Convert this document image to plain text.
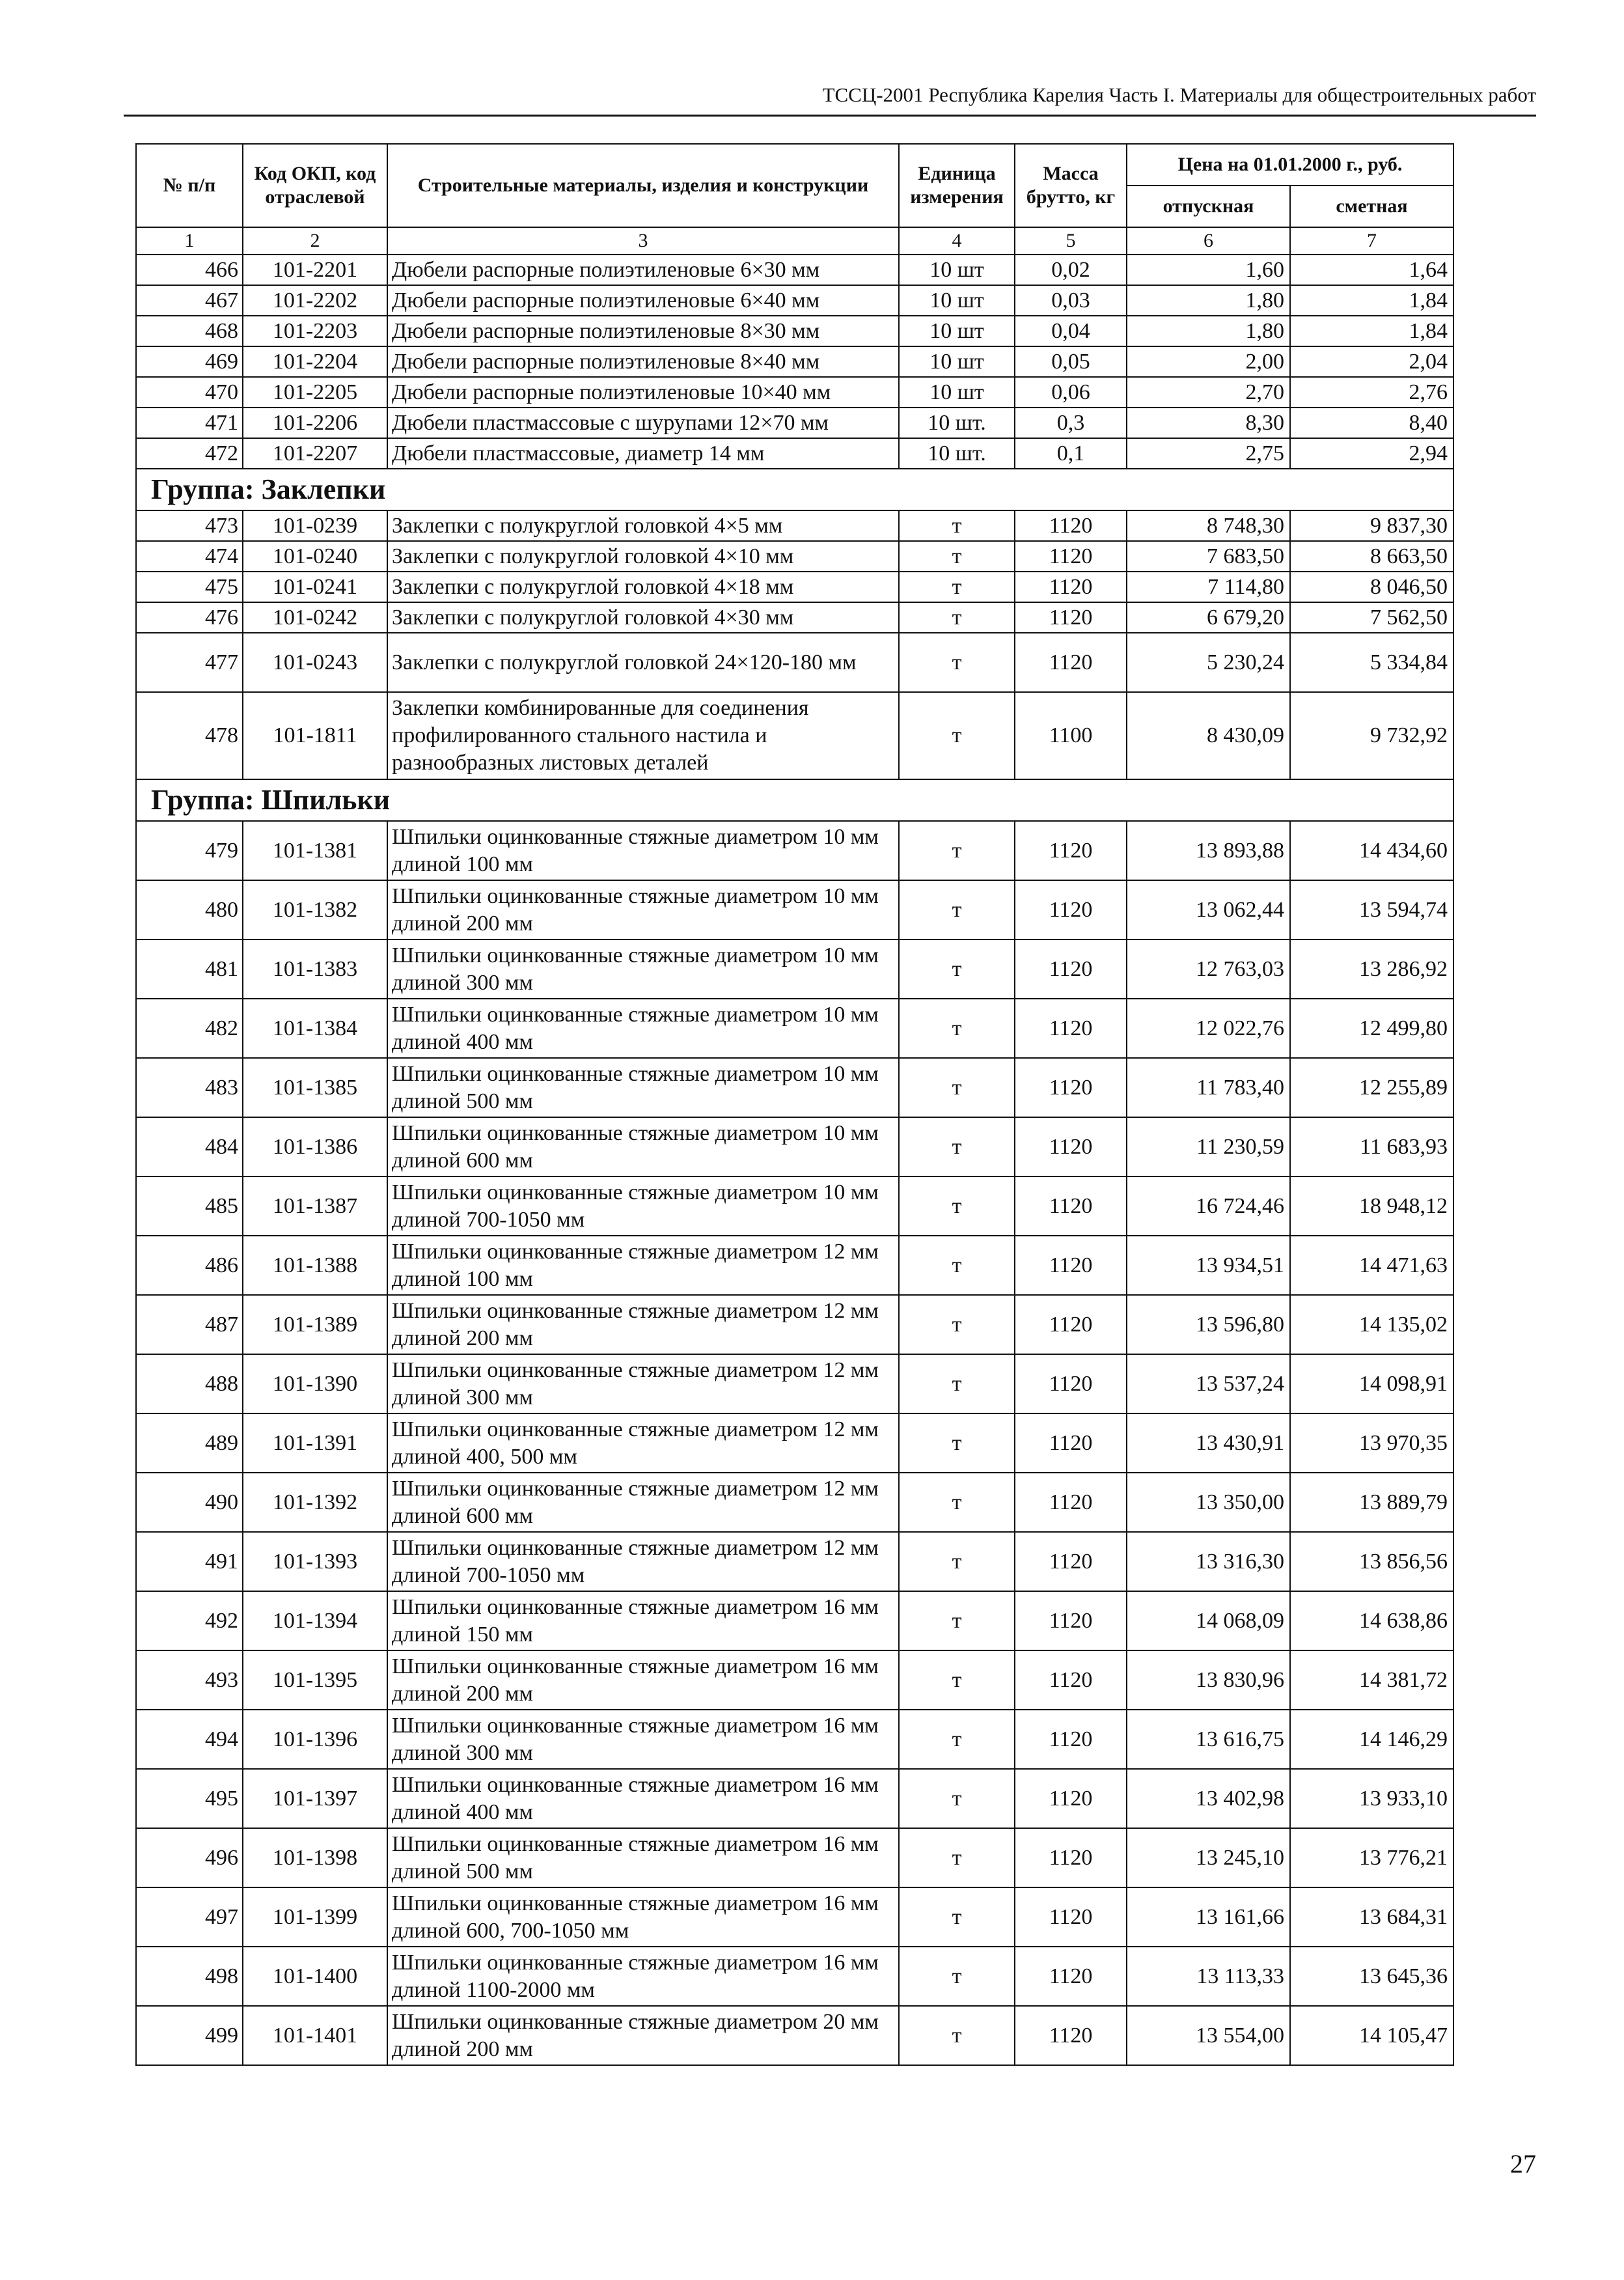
ТССЦ-2001 Республика Карелия Часть I. Материалы для общестроительных работ
№ п/п	Код ОКП, код отраслевой	Строительные материалы, изделия и конструкции	Единица измерения	Масса брутто, кг	Цена на 01.01.2000 г., руб.	
					отпускная	сметная
1	2	3	4	5	6	7
466	101-2201	Дюбели распорные полиэтиленовые 6×30 мм	10 шт	0,02	1,60	1,64
467	101-2202	Дюбели распорные полиэтиленовые 6×40 мм	10 шт	0,03	1,80	1,84
468	101-2203	Дюбели распорные полиэтиленовые 8×30 мм	10 шт	0,04	1,80	1,84
469	101-2204	Дюбели распорные полиэтиленовые 8×40 мм	10 шт	0,05	2,00	2,04
470	101-2205	Дюбели распорные полиэтиленовые 10×40 мм	10 шт	0,06	2,70	2,76
471	101-2206	Дюбели пластмассовые с шурупами 12×70 мм	10 шт.	0,3	8,30	8,40
472	101-2207	Дюбели пластмассовые, диаметр 14 мм	10 шт.	0,1	2,75	2,94
Группа: Заклепки						
473	101-0239	Заклепки с полукруглой головкой 4×5 мм	т	1120	8 748,30	9 837,30
474	101-0240	Заклепки с полукруглой головкой 4×10 мм	т	1120	7 683,50	8 663,50
475	101-0241	Заклепки с полукруглой головкой 4×18 мм	т	1120	7 114,80	8 046,50
476	101-0242	Заклепки с полукруглой головкой 4×30 мм	т	1120	6 679,20	7 562,50
477	101-0243	Заклепки с полукруглой головкой 24×120-180 мм	т	1120	5 230,24	5 334,84
478	101-1811	Заклепки комбинированные для соединения профилированного стального настила и разнообразных листовых деталей	т	1100	8 430,09	9 732,92
Группа: Шпильки						
479	101-1381	Шпильки оцинкованные стяжные диаметром 10 мм длиной 100 мм	т	1120	13 893,88	14 434,60
480	101-1382	Шпильки оцинкованные стяжные диаметром 10 мм длиной 200 мм	т	1120	13 062,44	13 594,74
481	101-1383	Шпильки оцинкованные стяжные диаметром 10 мм длиной 300 мм	т	1120	12 763,03	13 286,92
482	101-1384	Шпильки оцинкованные стяжные диаметром 10 мм длиной 400 мм	т	1120	12 022,76	12 499,80
483	101-1385	Шпильки оцинкованные стяжные диаметром 10 мм длиной 500 мм	т	1120	11 783,40	12 255,89
484	101-1386	Шпильки оцинкованные стяжные диаметром 10 мм длиной 600 мм	т	1120	11 230,59	11 683,93
485	101-1387	Шпильки оцинкованные стяжные диаметром 10 мм длиной 700-1050 мм	т	1120	16 724,46	18 948,12
486	101-1388	Шпильки оцинкованные стяжные диаметром 12 мм длиной 100 мм	т	1120	13 934,51	14 471,63
487	101-1389	Шпильки оцинкованные стяжные диаметром 12 мм длиной 200 мм	т	1120	13 596,80	14 135,02
488	101-1390	Шпильки оцинкованные стяжные диаметром 12 мм длиной 300 мм	т	1120	13 537,24	14 098,91
489	101-1391	Шпильки оцинкованные стяжные диаметром 12 мм длиной 400, 500 мм	т	1120	13 430,91	13 970,35
490	101-1392	Шпильки оцинкованные стяжные диаметром 12 мм длиной 600 мм	т	1120	13 350,00	13 889,79
491	101-1393	Шпильки оцинкованные стяжные диаметром 12 мм длиной 700-1050 мм	т	1120	13 316,30	13 856,56
492	101-1394	Шпильки оцинкованные стяжные диаметром 16 мм длиной 150 мм	т	1120	14 068,09	14 638,86
493	101-1395	Шпильки оцинкованные стяжные диаметром 16 мм длиной 200 мм	т	1120	13 830,96	14 381,72
494	101-1396	Шпильки оцинкованные стяжные диаметром 16 мм длиной 300 мм	т	1120	13 616,75	14 146,29
495	101-1397	Шпильки оцинкованные стяжные диаметром 16 мм длиной 400 мм	т	1120	13 402,98	13 933,10
496	101-1398	Шпильки оцинкованные стяжные диаметром 16 мм длиной 500 мм	т	1120	13 245,10	13 776,21
497	101-1399	Шпильки оцинкованные стяжные диаметром 16 мм длиной 600, 700-1050 мм	т	1120	13 161,66	13 684,31
498	101-1400	Шпильки оцинкованные стяжные диаметром 16 мм длиной 1100-2000 мм	т	1120	13 113,33	13 645,36
499	101-1401	Шпильки оцинкованные стяжные диаметром 20 мм длиной 200 мм	т	1120	13 554,00	14 105,47
27
